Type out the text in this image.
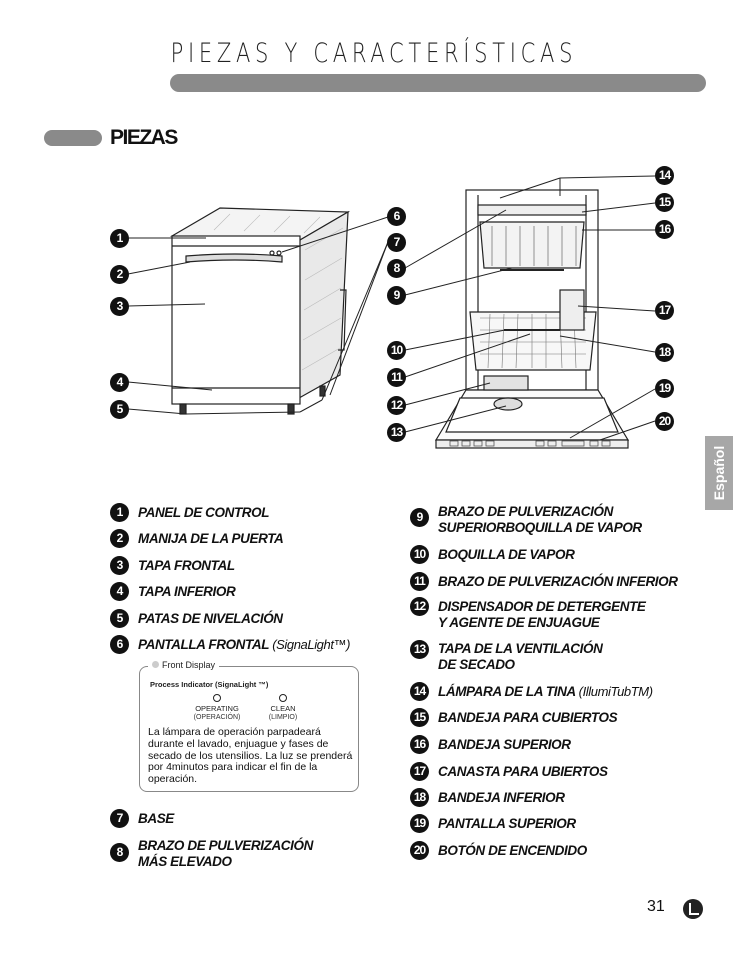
PIEZAS Y CARACTERÍSTICAS
PIEZAS
Español
1
2
3
4
5
6
7
8
9
10
11
12
13
14
15
16
17
18
19
20
1	PANEL DE CONTROL
2	MANIJA DE LA PUERTA
3	TAPA FRONTAL
4	TAPA INFERIOR
5	PATAS DE NIVELACIÓN
6	PANTALLA FRONTAL (SignaLight™)
Front Display
Process Indicator (SignaLight ™)
OPERATING
(OPERACIÓN)
CLEAN
(LIMPIO)
La lámpara de operación parpadeará durante el lavado, enjuague y fases de secado de los utensilios. La luz se prenderá por 4minutos para indicar el fin de la operación.
7	BASE
8	BRAZO DE PULVERIZACIÓN
MÁS ELEVADO
9	BRAZO DE PULVERIZACIÓN
SUPERIORBOQUILLA DE VAPOR
10 BOQUILLA DE VAPOR
11 BRAZO DE PULVERIZACIÓN INFERIOR
12 DISPENSADOR DE DETERGENTE
Y AGENTE DE ENJUAGUE
13 TAPA DE LA VENTILACIÓN
DE SECADO
14 LÁMPARA DE LA TINA (IllumiTubTM)
15 BANDEJA PARA CUBIERTOS
16 BANDEJA SUPERIOR
17 CANASTA PARA UBIERTOS
18 BANDEJA INFERIOR
19 PANTALLA SUPERIOR
20 BOTÓN DE ENCENDIDO
31
